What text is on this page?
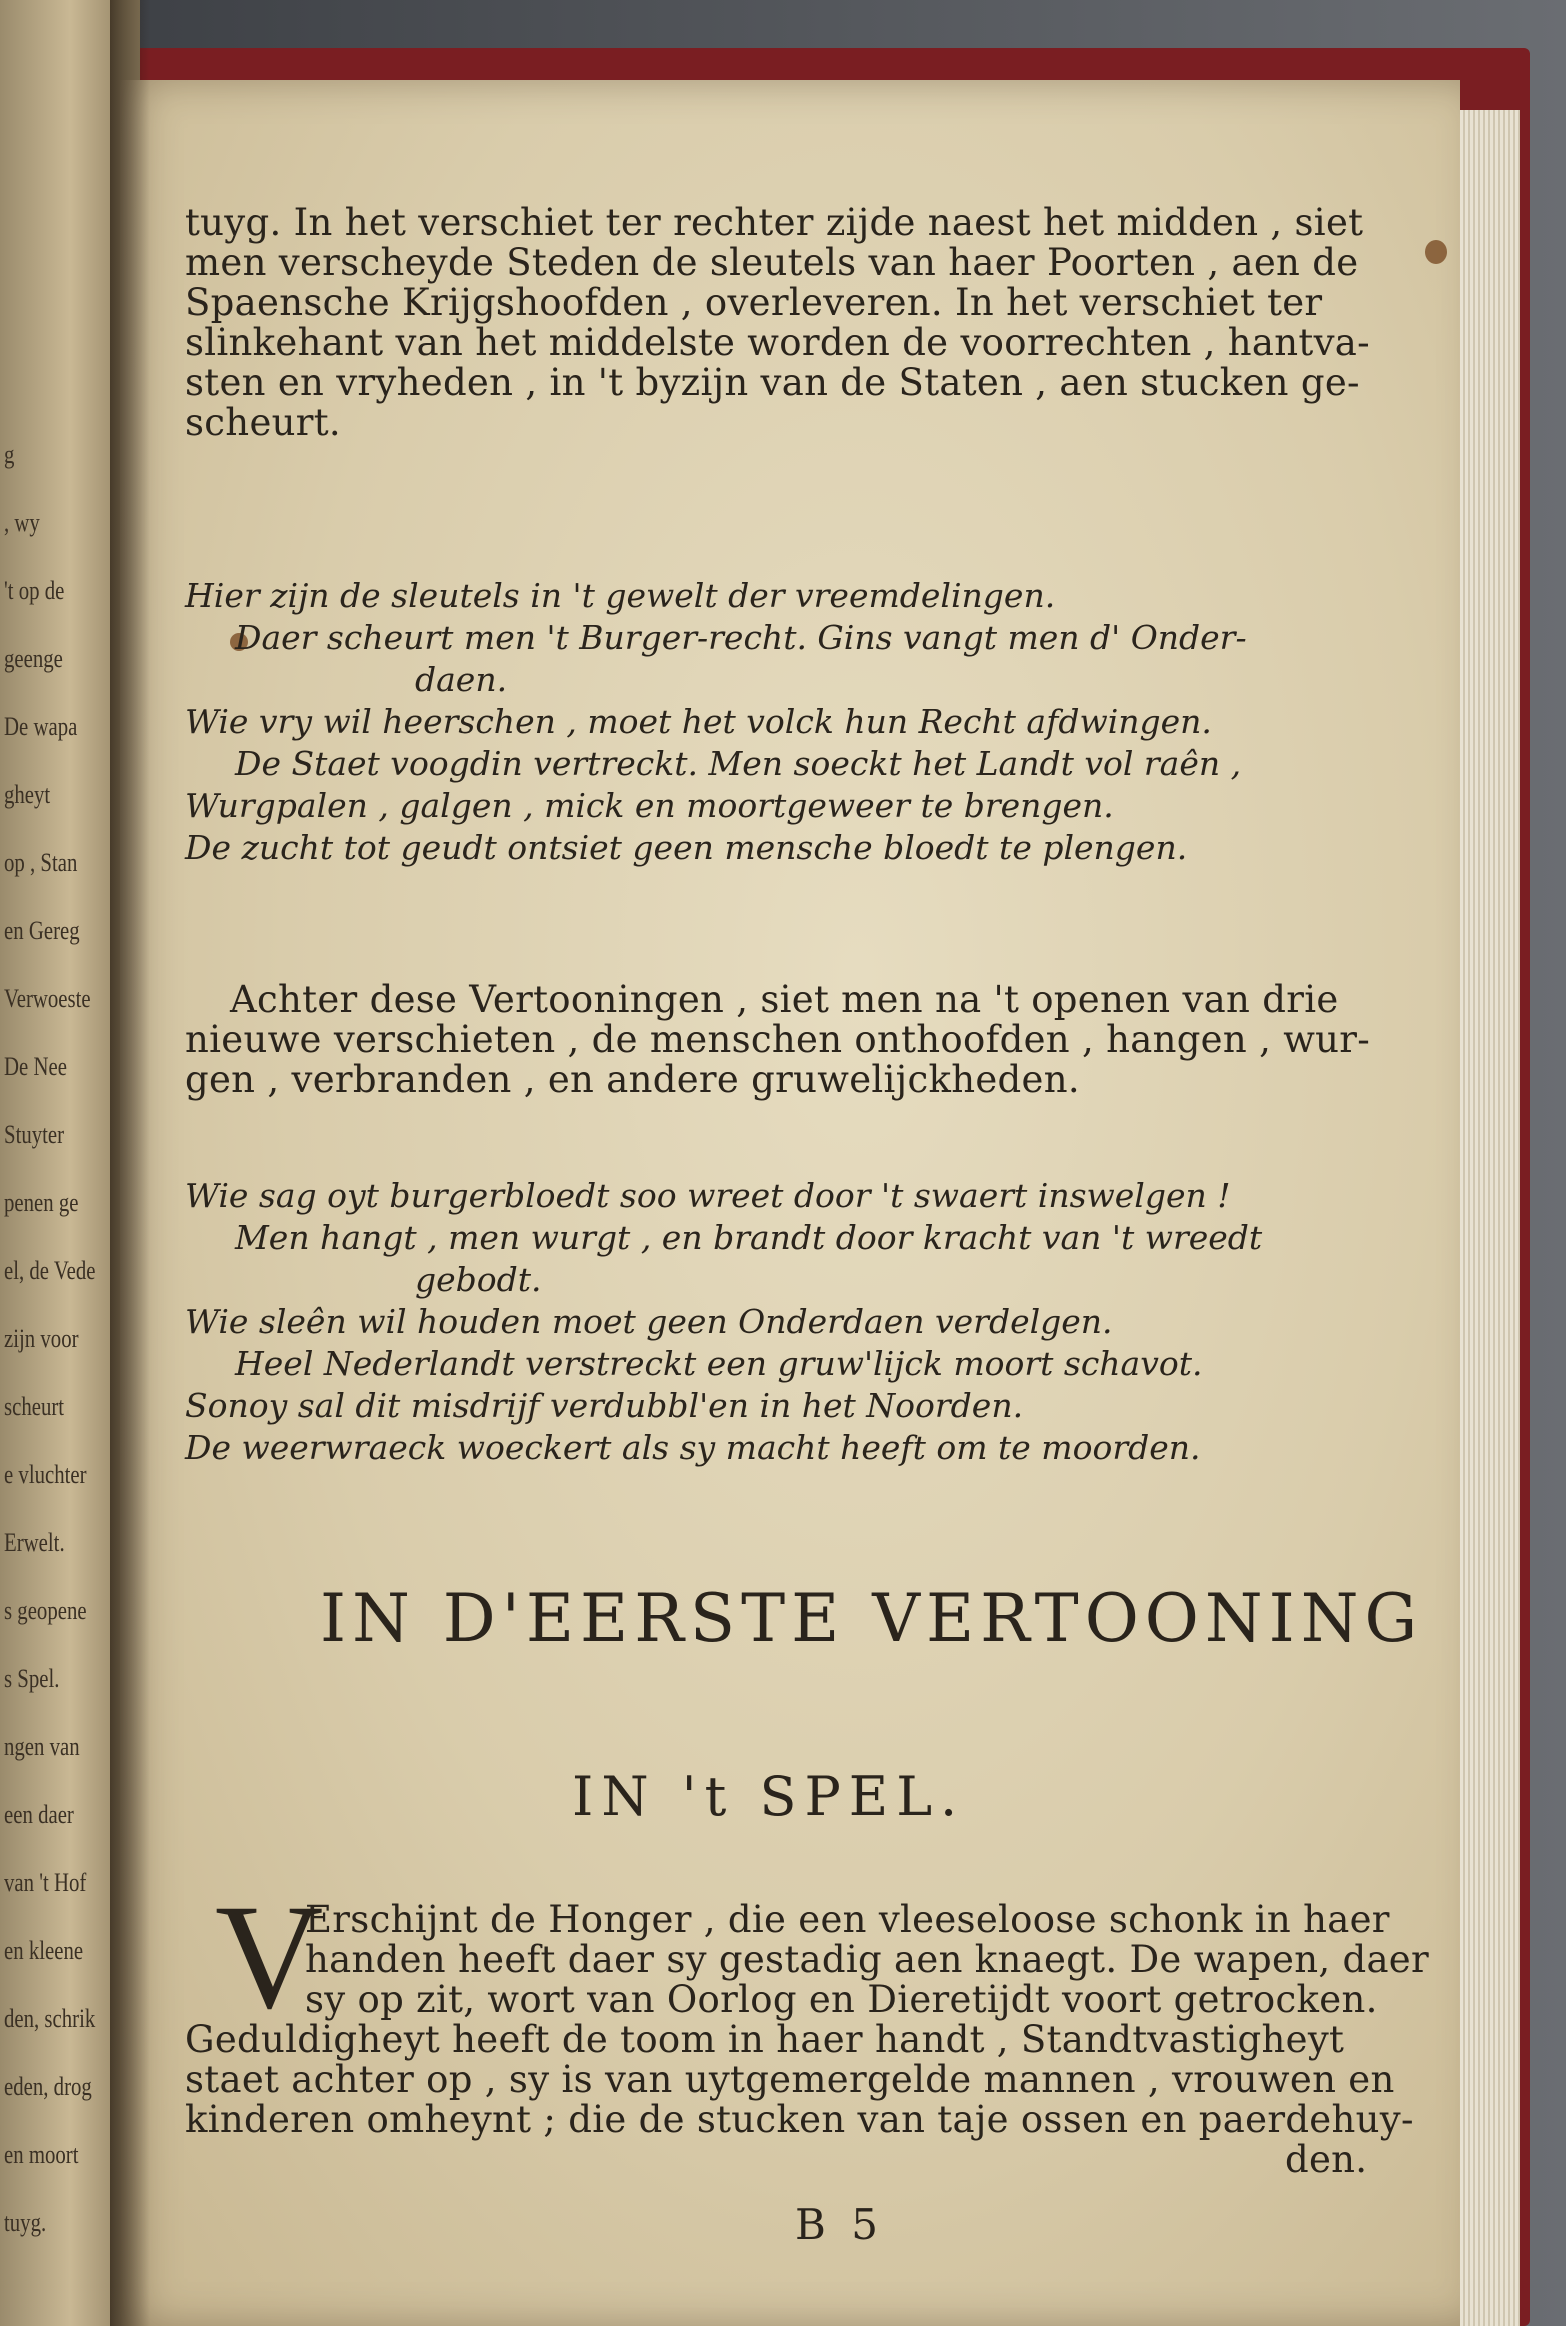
g
, wy
't op de
geenge
De wapa
gheyt
op , Stan
en Gereg
Verwoeste
De Nee
Stuyter
penen ge
el, de Vede
zijn voor
scheurt
e vluchter
Erwelt.
s geopene
s Spel.
ngen van
een daer
van 't Hof
en kleene
den, schrik
eden, drog
en moort
tuyg.
tuyg. In het verschiet ter rechter zijde naest het midden , siet
men verscheyde Steden de sleutels van haer Poorten , aen de
Spaensche Krijgshoofden , overleveren. In het verschiet ter
slinkehant van het middelste worden de voorrechten , hantva-
sten en vryheden , in 't byzijn van de Staten , aen stucken ge-
scheurt.
Hier zijn de sleutels in 't gewelt der vreemdelingen.
Daer scheurt men 't Burger-recht. Gins vangt men d' Onder-
daen.
Wie vry wil heerschen , moet het volck hun Recht afdwingen.
De Staet voogdin vertreckt. Men soeckt het Landt vol raên ,
Wurgpalen , galgen , mick en moortgeweer te brengen.
De zucht tot geudt ontsiet geen mensche bloedt te plengen.
Achter dese Vertooningen , siet men na 't openen van drie
nieuwe verschieten , de menschen onthoofden , hangen , wur-
gen , verbranden , en andere gruwelijckheden.
Wie sag oyt burgerbloedt soo wreet door 't swaert inswelgen !
Men hangt , men wurgt , en brandt door kracht van 't wreedt
gebodt.
Wie sleên wil houden moet geen Onderdaen verdelgen.
Heel Nederlandt verstreckt een gruw'lijck moort schavot.
Sonoy sal dit misdrijf verdubbl'en in het Noorden.
De weerwraeck woeckert als sy macht heeft om te moorden.
IN D'EERSTE VERTOONING
IN 't SPEL.
V
Erschijnt de Honger , die een vleeseloose schonk in haer
handen heeft daer sy gestadig aen knaegt. De wapen, daer
sy op zit, wort van Oorlog en Dieretijdt voort getrocken.
Geduldigheyt heeft de toom in haer handt , Standtvastigheyt
staet achter op , sy is van uytgemergelde mannen , vrouwen en
kinderen omheynt ; die de stucken van taje ossen en paerdehuy-
den.
B 5
